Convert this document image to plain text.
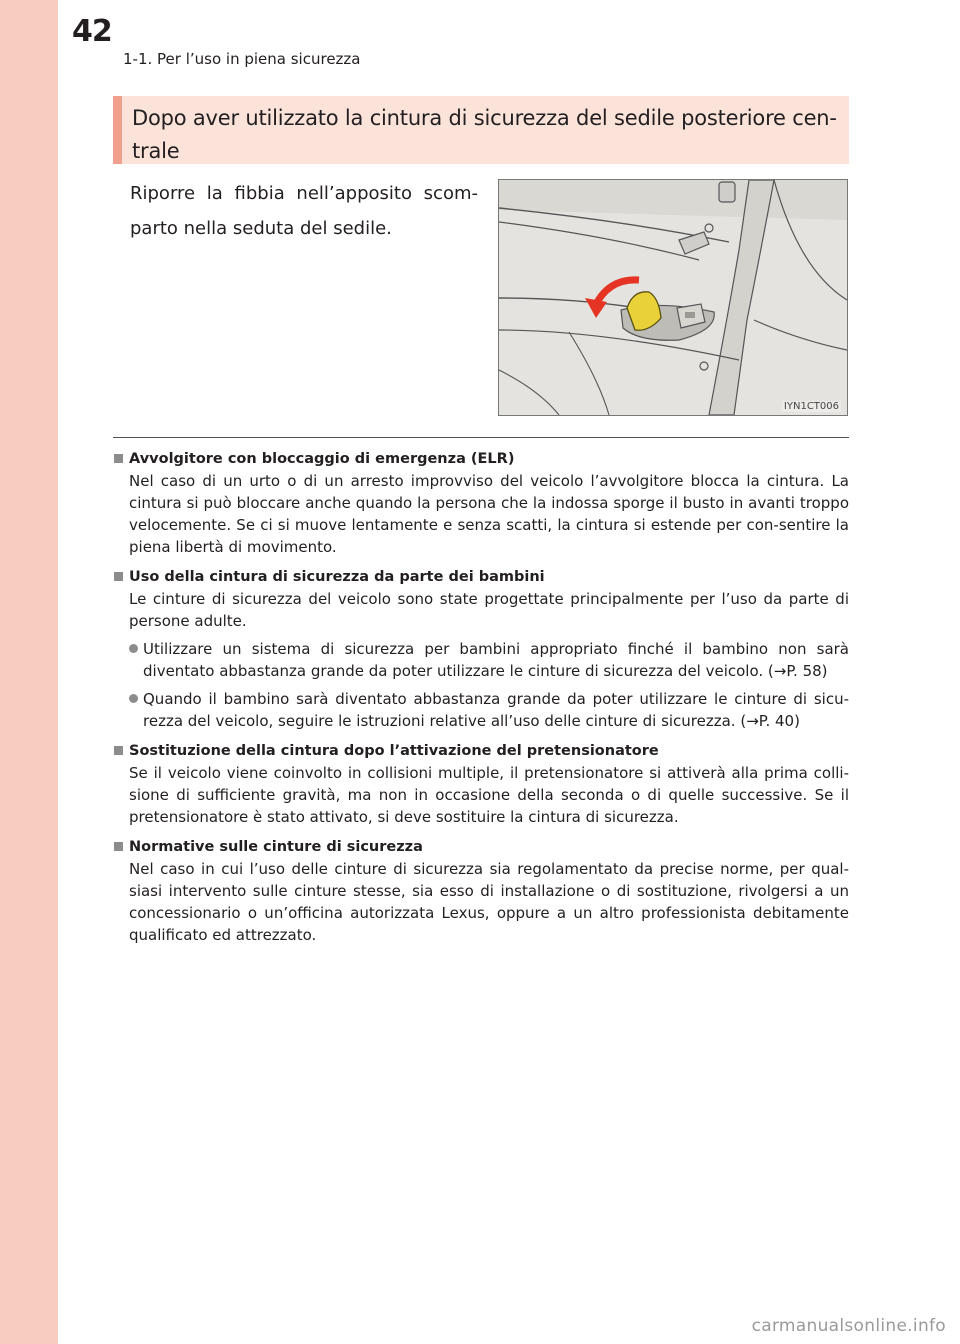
42
1-1. Per l’uso in piena sicurezza
Dopo aver utilizzato la cintura di sicurezza del sedile posteriore cen-trale
Riporre la fibbia nell’apposito scom-parto nella seduta del sedile.
IYN1CT006
Avvolgitore con bloccaggio di emergenza (ELR)
Nel caso di un urto o di un arresto improvviso del veicolo l’avvolgitore blocca la cintura. La cintura si può bloccare anche quando la persona che la indossa sporge il busto in avanti troppo velocemente. Se ci si muove lentamente e senza scatti, la cintura si estende per con-sentire la piena libertà di movimento.
Uso della cintura di sicurezza da parte dei bambini
Le cinture di sicurezza del veicolo sono state progettate principalmente per l’uso da parte di persone adulte.
Utilizzare un sistema di sicurezza per bambini appropriato finché il bambino non sarà diventato abbastanza grande da poter utilizzare le cinture di sicurezza del veicolo. (→P. 58)
Quando il bambino sarà diventato abbastanza grande da poter utilizzare le cinture di sicu-rezza del veicolo, seguire le istruzioni relative all’uso delle cinture di sicurezza. (→P. 40)
Sostituzione della cintura dopo l’attivazione del pretensionatore
Se il veicolo viene coinvolto in collisioni multiple, il pretensionatore si attiverà alla prima colli-sione di sufficiente gravità, ma non in occasione della seconda o di quelle successive. Se il pretensionatore è stato attivato, si deve sostituire la cintura di sicurezza.
Normative sulle cinture di sicurezza
Nel caso in cui l’uso delle cinture di sicurezza sia regolamentato da precise norme, per qual-siasi intervento sulle cinture stesse, sia esso di installazione o di sostituzione, rivolgersi a un concessionario o un’officina autorizzata Lexus, oppure a un altro professionista debitamente qualificato ed attrezzato.
carmanualsonline.info
